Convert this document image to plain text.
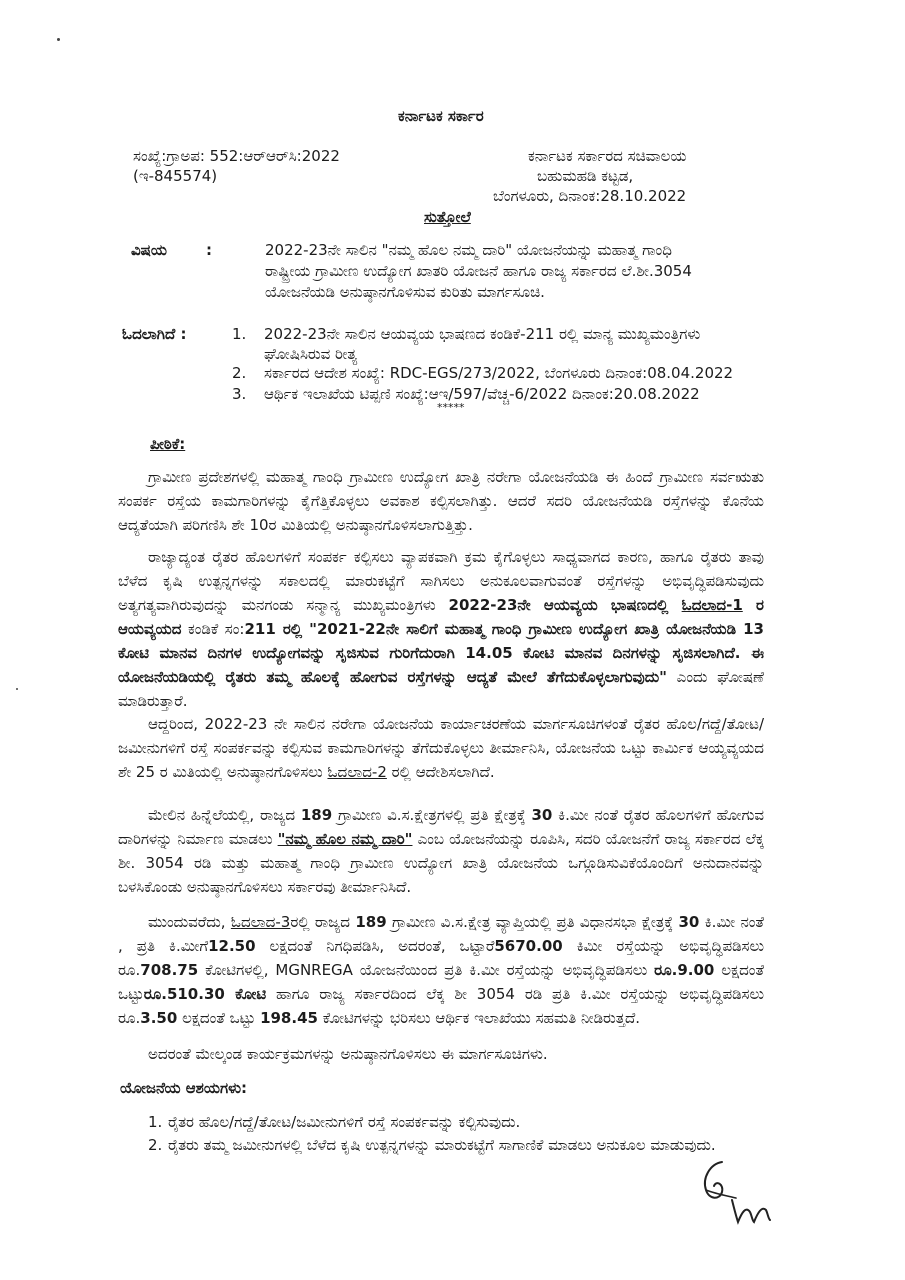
ಕರ್ನಾಟಕ ಸರ್ಕಾರ
ಸಂಖ್ಯೆ:ಗ್ರಾಅಪ: 552:ಆರ್‌ಆರ್‌ಸಿ:2022
(ಇ-845574)
ಕರ್ನಾಟಕ ಸರ್ಕಾರದ ಸಚಿವಾಲಯ
ಬಹುಮಹಡಿ ಕಟ್ಟಡ,
ಬೆಂಗಳೂರು, ದಿನಾಂಕ:28.10.2022
ಸುತ್ತೋಲೆ
ವಿಷಯ	:	2022-23ನೇ ಸಾಲಿನ "ನಮ್ಮ ಹೊಲ ನಮ್ಮ ದಾರಿ" ಯೋಜನೆಯನ್ನು ಮಹಾತ್ಮ ಗಾಂಧಿ
ರಾಷ್ಟ್ರೀಯ ಗ್ರಾಮೀಣ ಉದ್ಯೋಗ ಖಾತರಿ ಯೋಜನೆ ಹಾಗೂ ರಾಜ್ಯ ಸರ್ಕಾರದ ಲೆ.ಶೀ.3054
ಯೋಜನೆಯಡಿ ಅನುಷ್ಠಾನಗೊಳಿಸುವ ಕುರಿತು ಮಾರ್ಗಸೂಚಿ.
ಓದಲಾಗಿದೆ :	1. 2022-23ನೇ ಸಾಲಿನ ಆಯವ್ಯಯ ಭಾಷಣದ ಕಂಡಿಕೆ-211 ರಲ್ಲಿ ಮಾನ್ಯ ಮುಖ್ಯಮಂತ್ರಿಗಳು
ಘೋಷಿಸಿರುವ ರೀತ್ಯ
2. ಸರ್ಕಾರದ ಆದೇಶ ಸಂಖ್ಯೆ: RDC-EGS/273/2022, ಬೆಂಗಳೂರು ದಿನಾಂಕ:08.04.2022
3. ಆರ್ಥಿಕ ಇಲಾಖೆಯ ಟಿಪ್ಪಣಿ ಸಂಖ್ಯೆ:ಆಇ/597/ವೆಚ್ಚ-6/2022 ದಿನಾಂಕ:20.08.2022
*****
ಪೀಠಿಕೆ:
ಗ್ರಾಮೀಣ ಪ್ರದೇಶಗಳಲ್ಲಿ ಮಹಾತ್ಮ ಗಾಂಧಿ ಗ್ರಾಮೀಣ ಉದ್ಯೋಗ ಖಾತ್ರಿ ನರೇಗಾ ಯೋಜನೆಯಡಿ ಈ ಹಿಂದೆ ಗ್ರಾಮೀಣ ಸರ್ವಋತು ಸಂಪರ್ಕ ರಸ್ತೆಯ ಕಾಮಗಾರಿಗಳನ್ನು ಕೈಗೆತ್ತಿಕೊಳ್ಳಲು ಅವಕಾಶ ಕಲ್ಪಿಸಲಾಗಿತ್ತು. ಆದರೆ ಸದರಿ ಯೋಜನೆಯಡಿ ರಸ್ತೆಗಳನ್ನು ಕೊನೆಯ ಆದ್ಯತೆಯಾಗಿ ಪರಿಗಣಿಸಿ ಶೇ 10ರ ಮಿತಿಯಲ್ಲಿ ಅನುಷ್ಠಾನಗೊಳಿಸಲಾಗುತ್ತಿತ್ತು.
ರಾಜ್ಯಾದ್ಯಂತ ರೈತರ ಹೊಲಗಳಿಗೆ ಸಂಪರ್ಕ ಕಲ್ಪಿಸಲು ವ್ಯಾಪಕವಾಗಿ ಕ್ರಮ ಕೈಗೊಳ್ಳಲು ಸಾಧ್ಯವಾಗದ ಕಾರಣ, ಹಾಗೂ ರೈತರು ತಾವು ಬೆಳೆದ ಕೃಷಿ ಉತ್ಪನ್ನಗಳನ್ನು ಸಕಾಲದಲ್ಲಿ ಮಾರುಕಟ್ಟೆಗೆ ಸಾಗಿಸಲು ಅನುಕೂಲವಾಗುವಂತೆ ರಸ್ತೆಗಳನ್ನು ಅಭಿವೃದ್ಧಿಪಡಿಸುವುದು ಅತ್ಯಗತ್ಯವಾಗಿರುವುದನ್ನು ಮನಗಂಡು ಸನ್ಮಾನ್ಯ ಮುಖ್ಯಮಂತ್ರಿಗಳು 2022-23ನೇ ಆಯವ್ಯಯ ಭಾಷಣದಲ್ಲಿ ಓದಲಾದ-1 ರ ಆಯವ್ಯಯದ ಕಂಡಿಕೆ ಸಂ:211 ರಲ್ಲಿ "2021-22ನೇ ಸಾಲಿಗೆ ಮಹಾತ್ಮ ಗಾಂಧಿ ಗ್ರಾಮೀಣ ಉದ್ಯೋಗ ಖಾತ್ರಿ ಯೋಜನೆಯಡಿ 13 ಕೋಟಿ ಮಾನವ ದಿನಗಳ ಉದ್ಯೋಗವನ್ನು ಸೃಜಿಸುವ ಗುರಿಗೆದುರಾಗಿ 14.05 ಕೋಟಿ ಮಾನವ ದಿನಗಳನ್ನು ಸೃಜಿಸಲಾಗಿದೆ. ಈ ಯೋಜನೆಯಡಿಯಲ್ಲಿ ರೈತರು ತಮ್ಮ ಹೊಲಕ್ಕೆ ಹೋಗುವ ರಸ್ತೆಗಳನ್ನು ಆದ್ಯತೆ ಮೇಲೆ ತೆಗೆದುಕೊಳ್ಳಲಾಗುವುದು" ಎಂದು ಘೋಷಣೆ ಮಾಡಿರುತ್ತಾರೆ.
ಆದ್ದರಿಂದ, 2022-23 ನೇ ಸಾಲಿನ ನರೇಗಾ ಯೋಜನೆಯ ಕಾರ್ಯಾಚರಣೆಯ ಮಾರ್ಗಸೂಚಿಗಳಂತೆ ರೈತರ ಹೊಲ/ಗದ್ದೆ/ತೋಟ/ಜಮೀನುಗಳಿಗೆ ರಸ್ತೆ ಸಂಪರ್ಕವನ್ನು ಕಲ್ಪಿಸುವ ಕಾಮಗಾರಿಗಳನ್ನು ತೆಗೆದುಕೊಳ್ಳಲು ತೀರ್ಮಾನಿಸಿ, ಯೋಜನೆಯ ಒಟ್ಟು ಕಾರ್ಮಿಕ ಆಯ್ಯವ್ಯಯದ ಶೇ 25 ರ ಮಿತಿಯಲ್ಲಿ ಅನುಷ್ಠಾನಗೊಳಿಸಲು ಓದಲಾದ-2 ರಲ್ಲಿ ಆದೇಶಿಸಲಾಗಿದೆ.
ಮೇಲಿನ ಹಿನ್ನೆಲೆಯಲ್ಲಿ, ರಾಜ್ಯದ 189 ಗ್ರಾಮೀಣ ವಿ.ಸ.ಕ್ಷೇತ್ರಗಳಲ್ಲಿ ಪ್ರತಿ ಕ್ಷೇತ್ರಕ್ಕೆ 30 ಕಿ.ಮೀ ನಂತೆ ರೈತರ ಹೊಲಗಳಿಗೆ ಹೋಗುವ ದಾರಿಗಳನ್ನು ನಿರ್ಮಾಣ ಮಾಡಲು "ನಮ್ಮ ಹೊಲ ನಮ್ಮ ದಾರಿ" ಎಂಬ ಯೋಜನೆಯನ್ನು ರೂಪಿಸಿ, ಸದರಿ ಯೋಜನೆಗೆ ರಾಜ್ಯ ಸರ್ಕಾರದ ಲೆಕ್ಕ ಶೀ. 3054 ರಡಿ ಮತ್ತು ಮಹಾತ್ಮ ಗಾಂಧಿ ಗ್ರಾಮೀಣ ಉದ್ಯೋಗ ಖಾತ್ರಿ ಯೋಜನೆಯ ಒಗ್ಗೂಡಿಸುವಿಕೆಯೊಂದಿಗೆ ಅನುದಾನವನ್ನು ಬಳಸಿಕೊಂಡು ಅನುಷ್ಠಾನಗೊಳಿಸಲು ಸರ್ಕಾರವು ತೀರ್ಮಾನಿಸಿದೆ.
ಮುಂದುವರೆದು, ಓದಲಾದ-3ರಲ್ಲಿ ರಾಜ್ಯದ 189 ಗ್ರಾಮೀಣ ವಿ.ಸ.ಕ್ಷೇತ್ರ ವ್ಯಾಪ್ತಿಯಲ್ಲಿ ಪ್ರತಿ ವಿಧಾನಸಭಾ ಕ್ಷೇತ್ರಕ್ಕೆ 30 ಕಿ.ಮೀ ನಂತೆ , ಪ್ರತಿ ಕಿ.ಮೀಗೆ12.50 ಲಕ್ಷದಂತೆ ನಿಗಧಿಪಡಿಸಿ, ಅದರಂತೆ, ಒಟ್ಟಾರೆ5670.00 ಕಿಮೀ ರಸ್ತೆಯನ್ನು ಅಭಿವೃದ್ಧಿಪಡಿಸಲು ರೂ.708.75 ಕೋಟಿಗಳಲ್ಲಿ, MGNREGA ಯೋಜನೆಯಿಂದ ಪ್ರತಿ ಕಿ.ಮೀ ರಸ್ತೆಯನ್ನು ಅಭಿವೃದ್ಧಿಪಡಿಸಲು ರೂ.9.00 ಲಕ್ಷದಂತೆ ಒಟ್ಟುರೂ.510.30 ಕೋಟಿ ಹಾಗೂ ರಾಜ್ಯ ಸರ್ಕಾರದಿಂದ ಲೆಕ್ಕ ಶೀ 3054 ರಡಿ ಪ್ರತಿ ಕಿ.ಮೀ ರಸ್ತೆಯನ್ನು ಅಭಿವೃದ್ಧಿಪಡಿಸಲು ರೂ.3.50 ಲಕ್ಷದಂತೆ ಒಟ್ಟು 198.45 ಕೋಟಿಗಳನ್ನು ಭರಿಸಲು ಆರ್ಥಿಕ ಇಲಾಖೆಯು ಸಹಮತಿ ನೀಡಿರುತ್ತದೆ.
ಅದರಂತೆ ಮೇಲ್ಕಂಡ ಕಾರ್ಯಕ್ರಮಗಳನ್ನು ಅನುಷ್ಠಾನಗೊಳಿಸಲು ಈ ಮಾರ್ಗಸೂಚಿಗಳು.
ಯೋಜನೆಯ ಆಶಯಗಳು:
1. ರೈತರ ಹೊಲ/ಗದ್ದೆ/ತೋಟ/ಜಮೀನುಗಳಿಗೆ ರಸ್ತೆ ಸಂಪರ್ಕವನ್ನು ಕಲ್ಪಿಸುವುದು.
2. ರೈತರು ತಮ್ಮ ಜಮೀನುಗಳಲ್ಲಿ ಬೆಳೆದ ಕೃಷಿ ಉತ್ಪನ್ನಗಳನ್ನು ಮಾರುಕಟ್ಟೆಗೆ ಸಾಗಾಣಿಕೆ ಮಾಡಲು ಅನುಕೂಲ ಮಾಡುವುದು.
